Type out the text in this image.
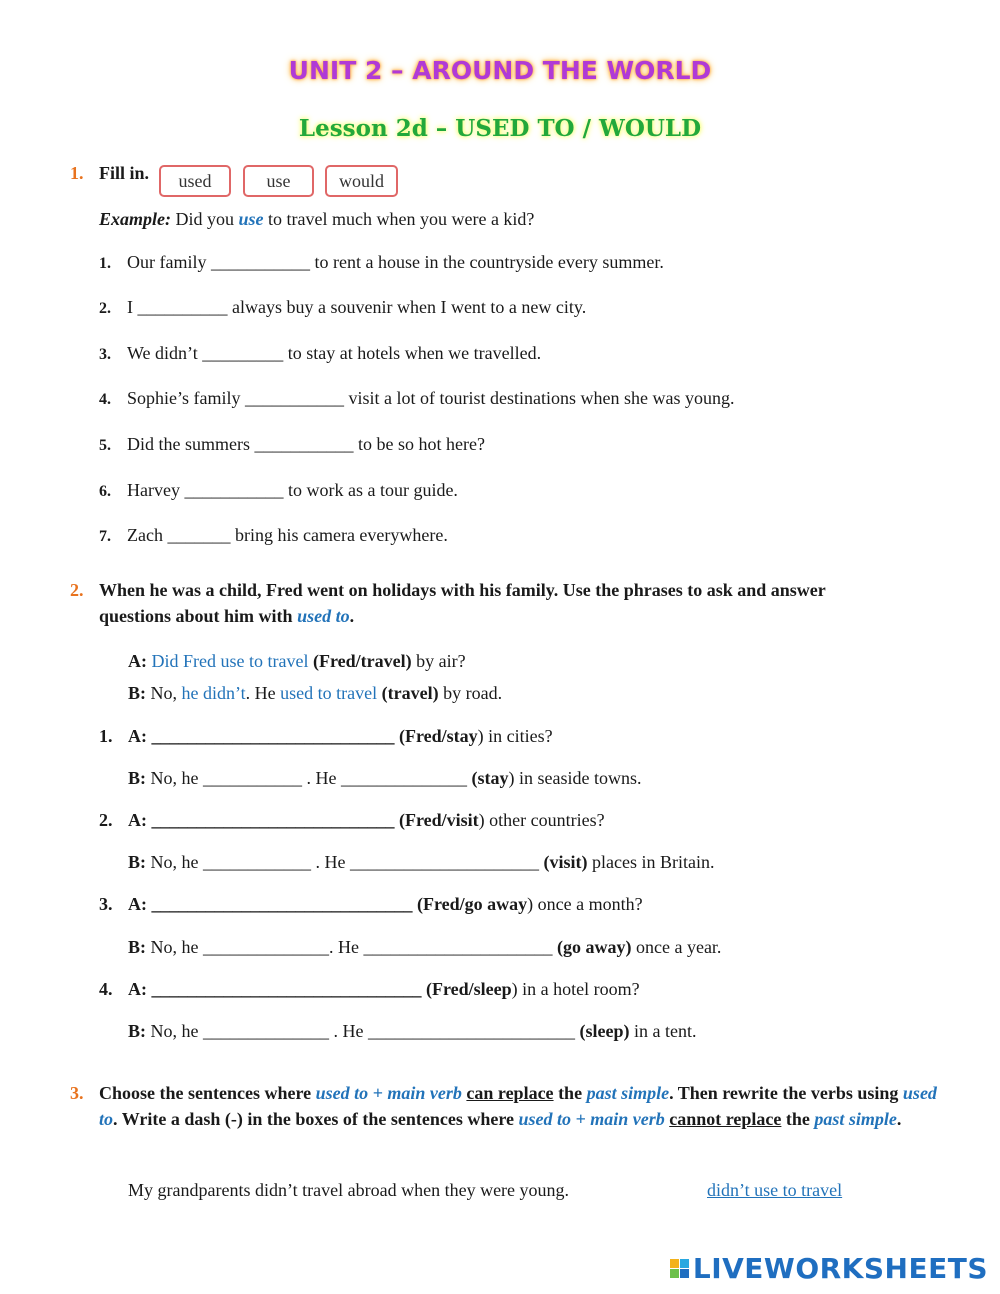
UNIT 2 – AROUND THE WORLD
Lesson 2d – USED TO / WOULD
1. Fill in.	used	use	would
Example: Did you use to travel much when you were a kid?
1. Our family ___________ to rent a house in the countryside every summer.
2. I __________ always buy a souvenir when I went to a new city.
3. We didn’t _________ to stay at hotels when we travelled.
4. Sophie’s family ___________ visit a lot of tourist destinations when she was young.
5. Did the summers ___________ to be so hot here?
6. Harvey ___________ to work as a tour guide.
7. Zach _______ bring his camera everywhere.
2. When he was a child, Fred went on holidays with his family. Use the phrases to ask and answer
questions about him with used to.
A: Did Fred use to travel (Fred/travel) by air?
B: No, he didn’t. He used to travel (travel) by road.
1. A: ___________________________ (Fred/stay) in cities?
B: No, he ___________ . He ______________ (stay) in seaside towns.
2. A: ___________________________ (Fred/visit) other countries?
B: No, he ____________ . He _____________________ (visit) places in Britain.
3. A: _____________________________ (Fred/go away) once a month?
B: No, he ______________. He _____________________ (go away) once a year.
4. A: ______________________________ (Fred/sleep) in a hotel room?
B: No, he ______________ . He _______________________ (sleep) in a tent.
3. Choose the sentences where used to + main verb can replace the past simple. Then rewrite the verbs using used to. Write a dash (-) in the boxes of the sentences where used to + main verb cannot replace the past simple.
My grandparents didn’t travel abroad when they were young.	didn’t use to travel
LIVEWORKSHEETS
